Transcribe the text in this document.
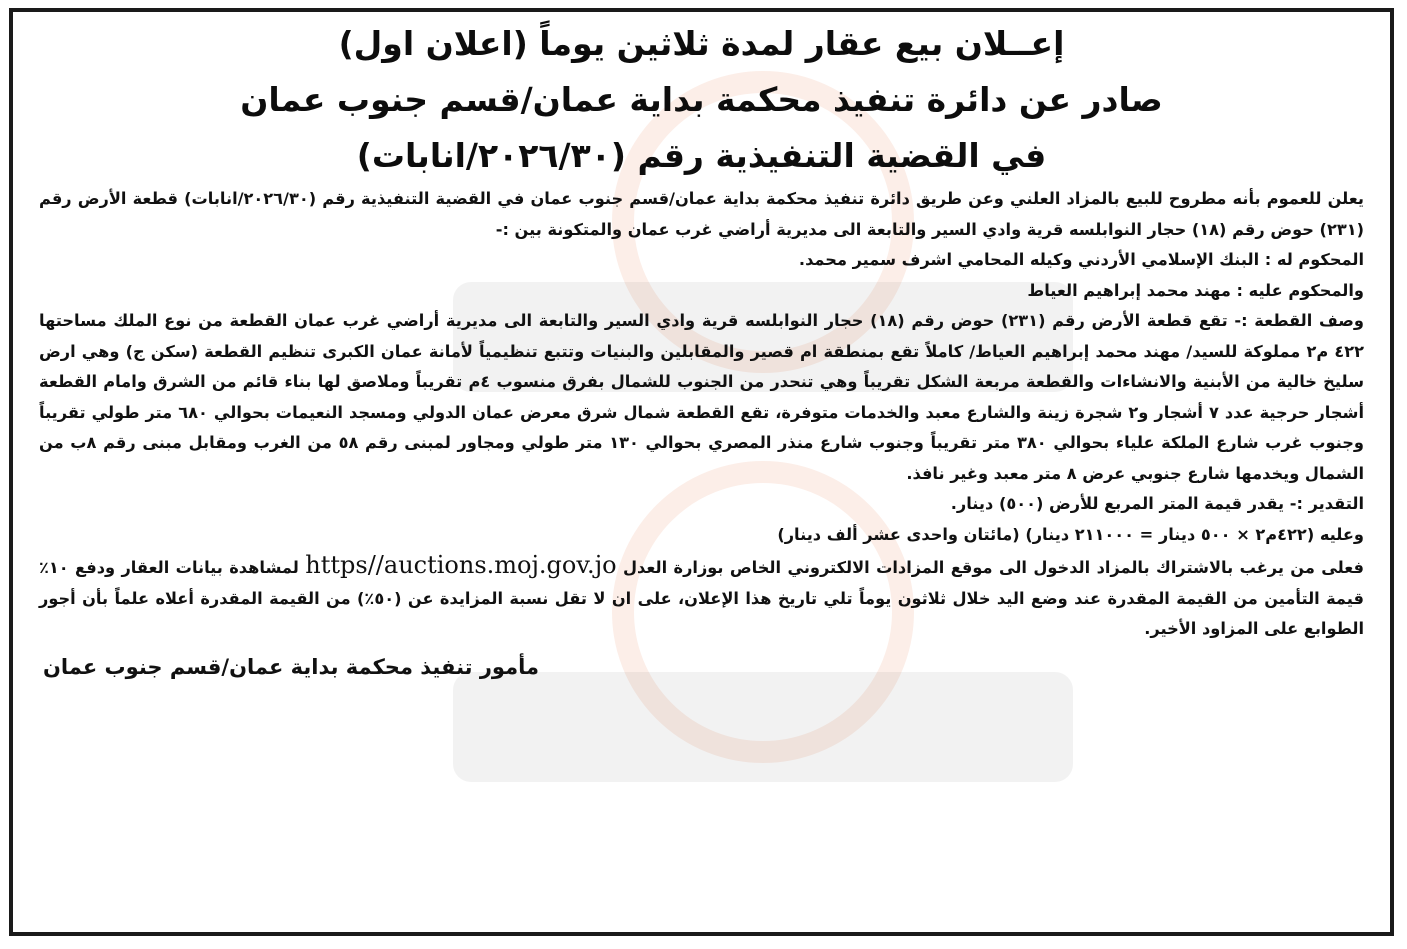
إعــلان بيع عقار لمدة ثلاثين يوماً (اعلان اول)
صادر عن دائرة تنفيذ محكمة بداية عمان/قسم جنوب عمان
في القضية التنفيذية رقم (٢٠٢٦/٣٠/انابات)

يعلن للعموم بأنه مطروح للبيع بالمزاد العلني وعن طريق دائرة تنفيذ محكمة بداية عمان/قسم جنوب عمان في القضية التنفيذية رقم (٢٠٢٦/٣٠/انابات) قطعة الأرض رقم (٢٣١) حوض رقم (١٨) حجار النوابلسه قرية وادي السير والتابعة الى مديرية أراضي غرب عمان والمتكونة بين :-

المحكوم له : البنك الإسلامي الأردني وكيله المحامي اشرف سمير محمد.

والمحكوم عليه : مهند محمد إبراهيم العياط

وصف القطعة :- تقع قطعة الأرض رقم (٢٣١) حوض رقم (١٨) حجار النوابلسه قرية وادي السير والتابعة الى مديرية أراضي غرب عمان القطعة من نوع الملك مساحتها ٤٢٢ م٢ مملوكة للسيد/ مهند محمد إبراهيم العياط/ كاملاً تقع بمنطقة ام قصير والمقابلين والبنيات وتتبع تنظيمياً لأمانة عمان الكبرى تنظيم القطعة (سكن ج) وهي ارض سليخ خالية من الأبنية والانشاءات والقطعة مربعة الشكل تقريباً وهي تنحدر من الجنوب للشمال بفرق منسوب ٤م تقريباً وملاصق لها بناء قائم من الشرق وامام القطعة أشجار حرجية عدد ٧ أشجار و٢ شجرة زينة والشارع معبد والخدمات متوفرة، تقع القطعة شمال شرق معرض عمان الدولي ومسجد النعيمات بحوالي ٦٨٠ متر طولي تقريباً وجنوب غرب شارع الملكة علياء بحوالي ٣٨٠ متر تقريباً وجنوب شارع منذر المصري بحوالي ١٣٠ متر طولي ومجاور لمبنى رقم ٥٨ من الغرب ومقابل مبنى رقم ٨ب من الشمال ويخدمها شارع جنوبي عرض ٨ متر معبد وغير نافذ.

التقدير :- يقدر قيمة المتر المربع للأرض (٥٠٠) دينار.

وعليه (٤٢٢م٢ × ٥٠٠ دينار = ٢١١٠٠٠ دينار) (مائتان واحدى عشر ألف دينار)

فعلى من يرغب بالاشتراك بالمزاد الدخول الى موقع المزادات الالكتروني الخاص بوزارة العدل https//auctions.moj.gov.jo لمشاهدة بيانات العقار ودفع ١٠٪ قيمة التأمين من القيمة المقدرة عند وضع اليد خلال ثلاثون يوماً تلي تاريخ هذا الإعلان، على ان لا تقل نسبة المزايدة عن (٥٠٪) من القيمة المقدرة أعلاه علماً بأن أجور الطوابع على المزاود الأخير.

مأمور تنفيذ محكمة بداية عمان/قسم جنوب عمان
